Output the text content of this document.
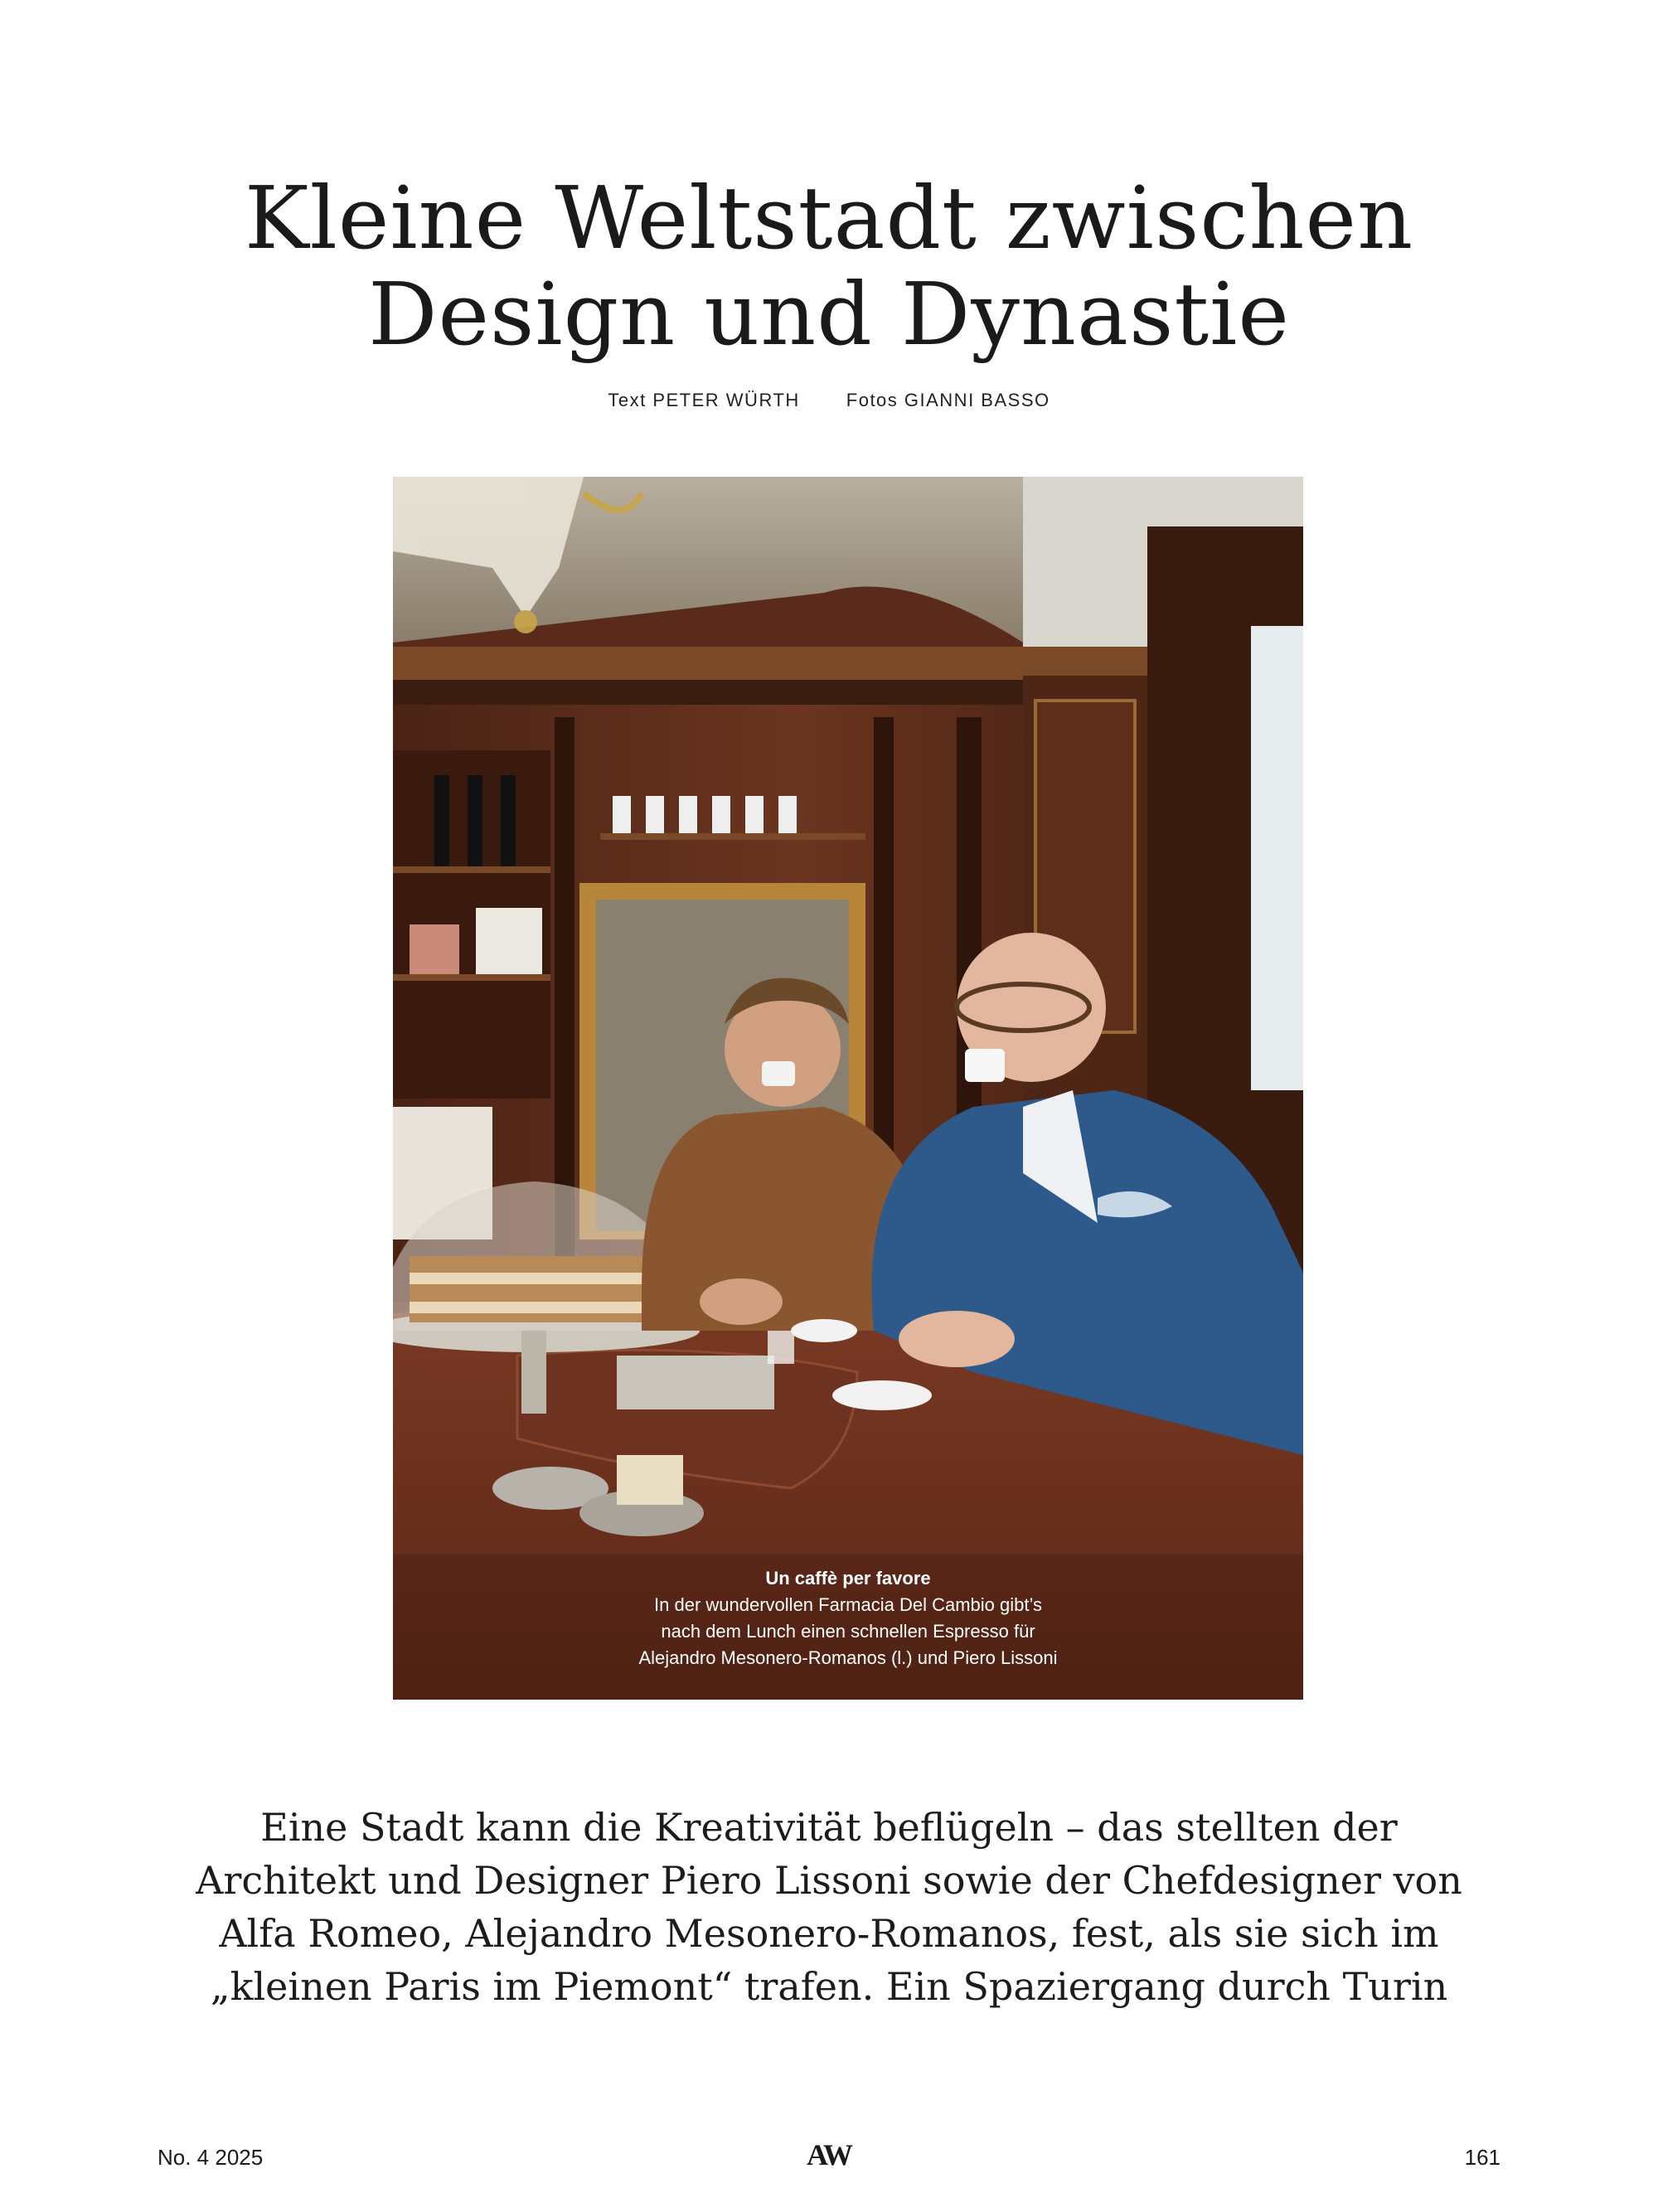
Kleine Weltstadt zwischen
Design und Dynastie
Text PETER WÜRTH	Fotos GIANNI BASSO
Un caffè per favore
In der wundervollen Farmacia Del Cambio gibt’s
nach dem Lunch einen schnellen Espresso für
Alejandro Mesonero-Romanos (l.) und Piero Lissoni

Eine Stadt kann die Kreativität beflügeln – das stellten der
Architekt und Designer Piero Lissoni sowie der Chefdesigner von
Alfa Romeo, Alejandro Mesonero-Romanos, fest, als sie sich im
„kleinen Paris im Piemont“ trafen. Ein Spaziergang durch Turin

No. 4 2025	AW	161
